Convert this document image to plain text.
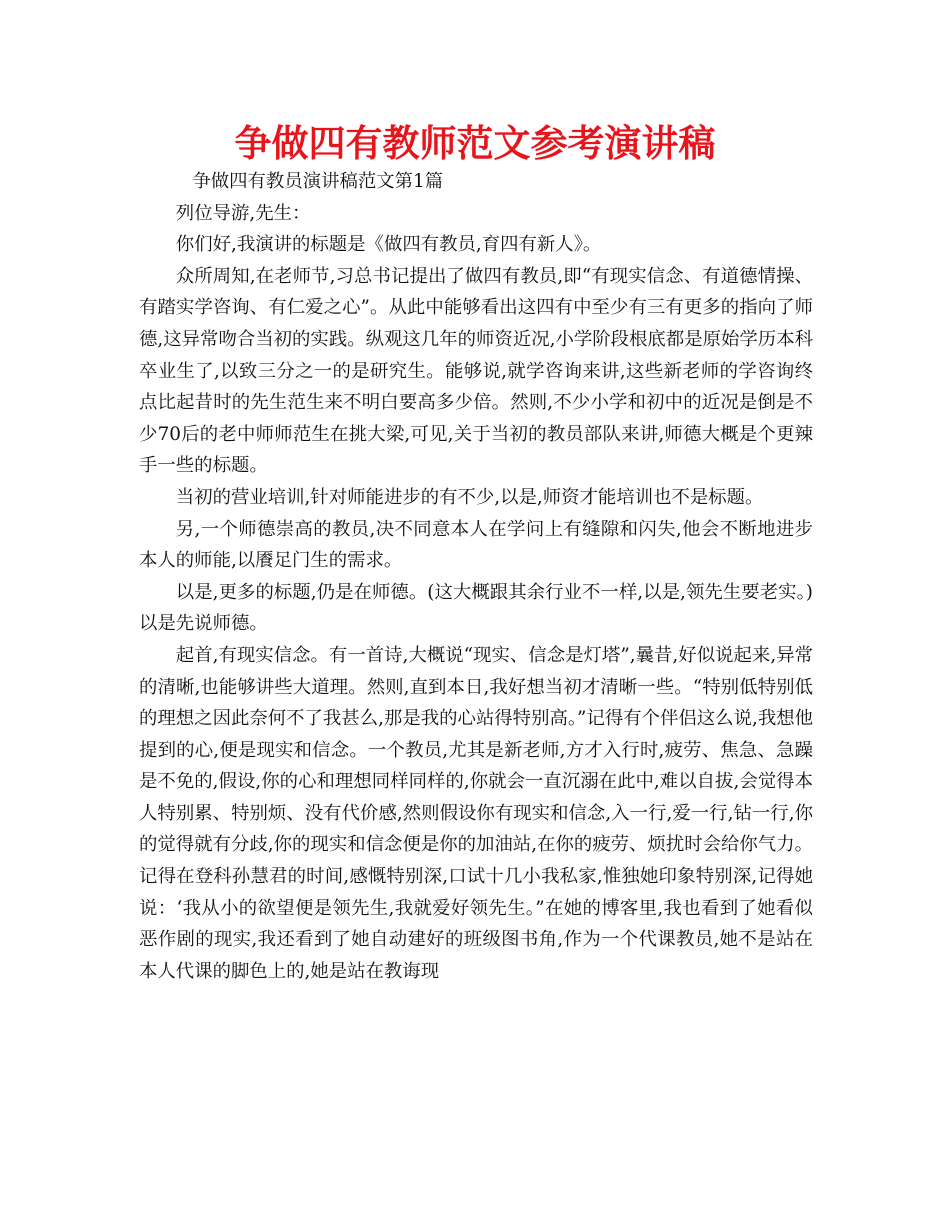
争做四有教师范文参考演讲稿

争做四有教员演讲稿范文第1篇

列位导游,先生：

你们好,我演讲的标题是《做四有教员,育四有新人》。

众所周知,在老师节,习总书记提出了做四有教员,即“有现实信念、有道德情操、有踏实学咨询、有仁爱之心”。从此中能够看出这四有中至少有三有更多的指向了师德,这异常吻合当初的实践。纵观这几年的师资近况,小学阶段根底都是原始学历本科卒业生了,以致三分之一的是研究生。能够说,就学咨询来讲,这些新老师的学咨询终点比起昔时的先生范生来不明白要高多少倍。然则,不少小学和初中的近况是倒是不少70后的老中师师范生在挑大梁,可见,关于当初的教员部队来讲,师德大概是个更辣手一些的标题。

当初的营业培训,针对师能进步的有不少,以是,师资才能培训也不是标题。

另,一个师德崇高的教员,决不同意本人在学问上有缝隙和闪失,他会不断地进步本人的师能,以餍足门生的需求。

以是,更多的标题,仍是在师德。(这大概跟其余行业不一样,以是,领先生要老实。)以是先说师德。

起首,有现实信念。有一首诗,大概说“现实、信念是灯塔”,曩昔,好似说起来,异常的清晰,也能够讲些大道理。然则,直到本日,我好想当初才清晰一些。“特别低特别低的理想之因此奈何不了我甚么,那是我的心站得特别高。”记得有个伴侣这么说,我想他提到的心,便是现实和信念。一个教员,尤其是新老师,方才入行时,疲劳、焦急、急躁是不免的,假设,你的心和理想同样同样的,你就会一直沉溺在此中,难以自拔,会觉得本人特别累、特别烦、没有代价感,然则假设你有现实和信念,入一行,爱一行,钻一行,你的觉得就有分歧,你的现实和信念便是你的加油站,在你的疲劳、烦扰时会给你气力。记得在登科孙慧君的时间,感慨特别深,口试十几小我私家,惟独她印象特别深,记得她说：‘我从小的欲望便是领先生,我就爱好领先生。”在她的博客里,我也看到了她看似恶作剧的现实,我还看到了她自动建好的班级图书角,作为一个代课教员,她不是站在本人代课的脚色上的,她是站在教诲现
